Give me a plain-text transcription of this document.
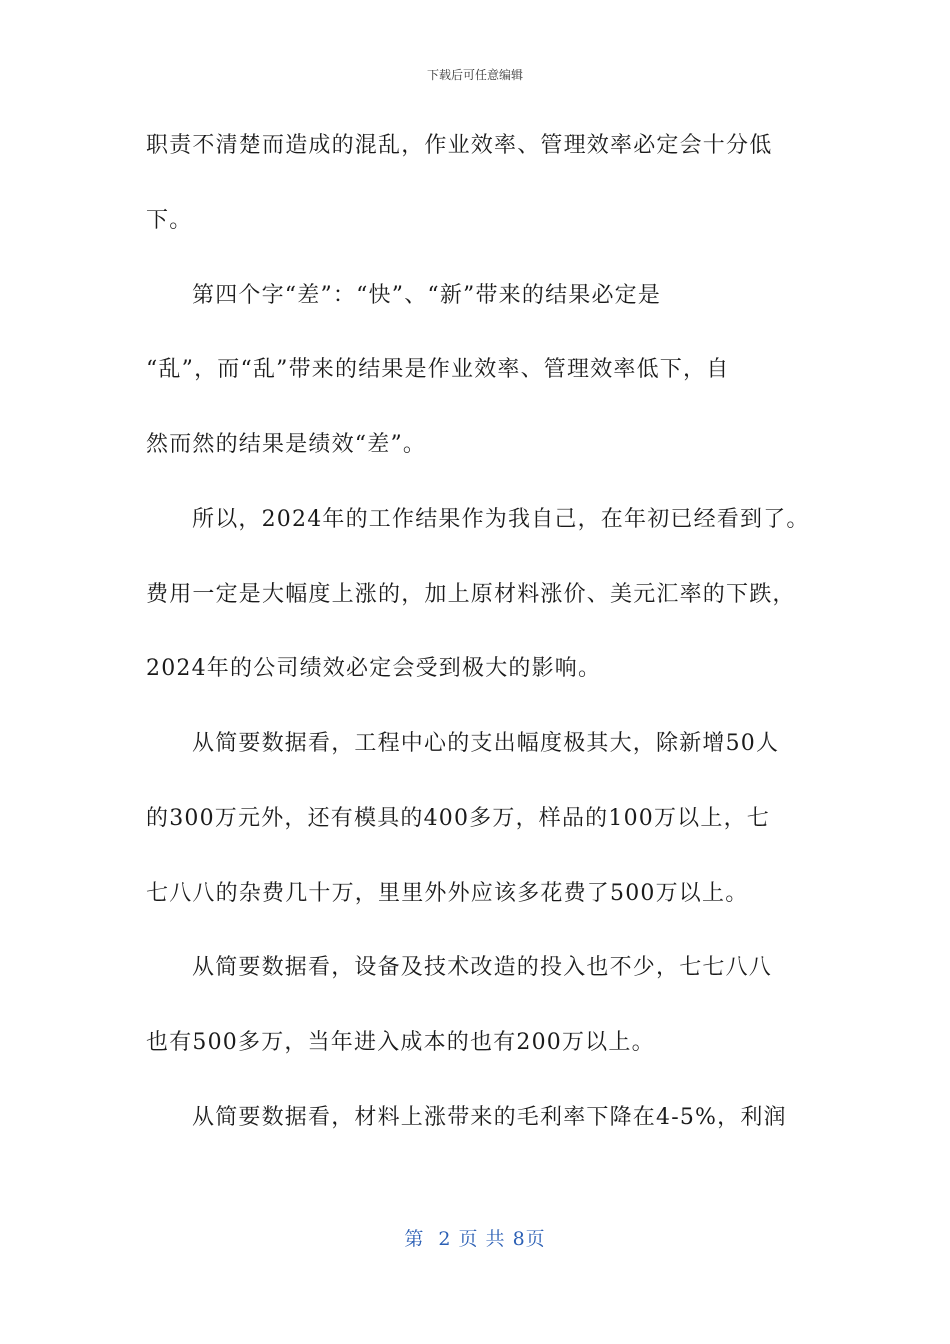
下载后可任意编辑
职责不清楚而造成的混乱，作业效率、管理效率必定会十分低
下。
第四个字“差”：“快”、“新”带来的结果必定是
“乱”，而“乱”带来的结果是作业效率、管理效率低下，自
然而然的结果是绩效“差”。
所以，2024年的工作结果作为我自己，在年初已经看到了。
费用一定是大幅度上涨的，加上原材料涨价、美元汇率的下跌，
2024年的公司绩效必定会受到极大的影响。
从简要数据看，工程中心的支出幅度极其大，除新增50人
的300万元外，还有模具的400多万，样品的100万以上，七
七八八的杂费几十万，里里外外应该多花费了500万以上。
从简要数据看，设备及技术改造的投入也不少，七七八八
也有500多万，当年进入成本的也有200万以上。
从简要数据看，材料上涨带来的毛利率下降在4-5%，利润
第  2 页 共 8页
